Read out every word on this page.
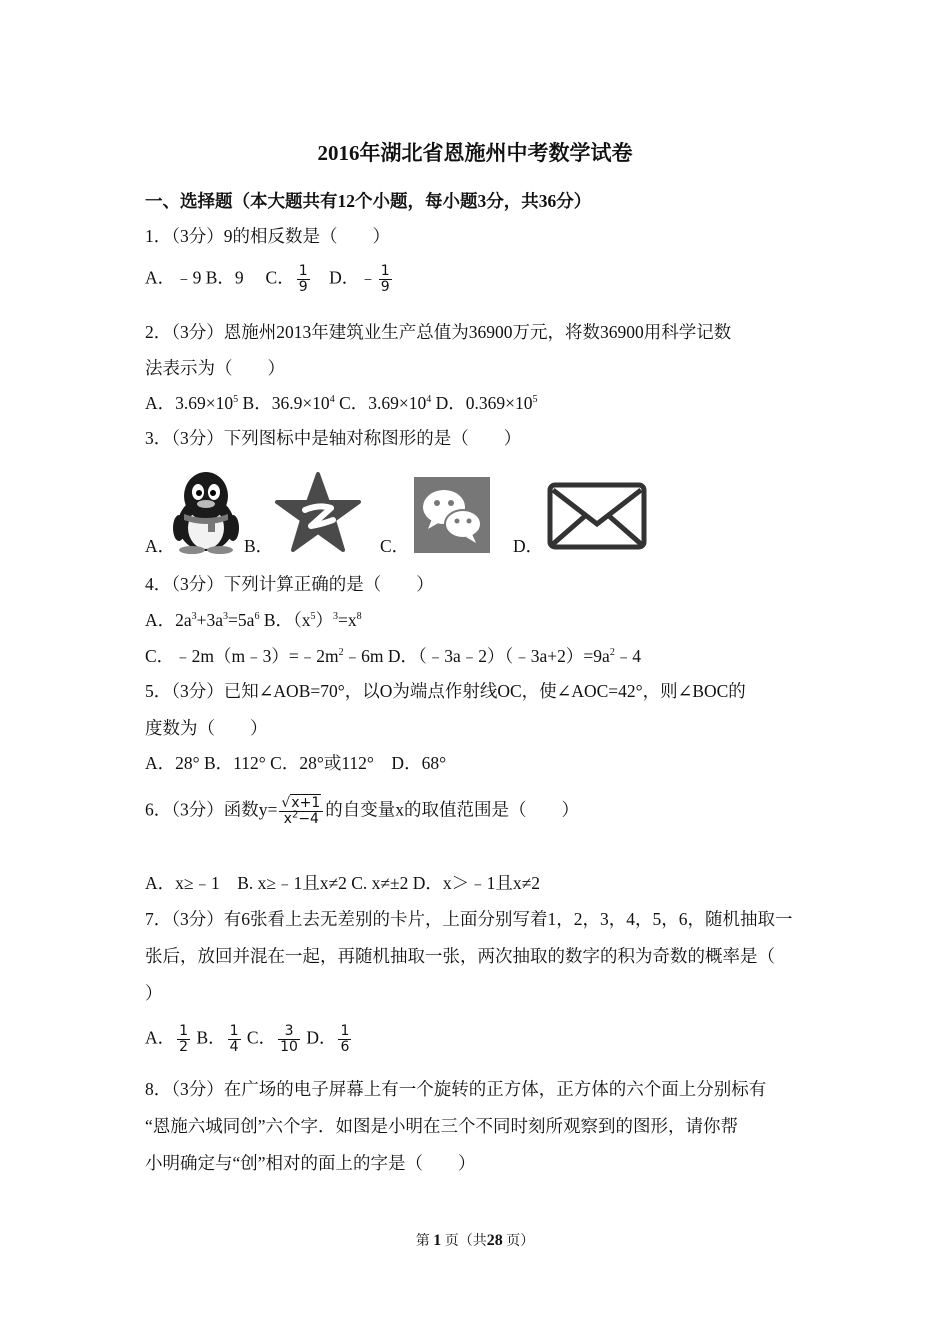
2016年湖北省恩施州中考数学试卷
一、选择题（本大题共有12个小题，每小题3分，共36分）
1．（3分）9的相反数是（　　）
A．﹣9 B．9　 C． $\frac{1}{9}$
　 D．﹣ $\frac{1}{9}$
2．（3分）恩施州2013年建筑业生产总值为36900万元，将数36900用科学记数
法表示为（　　）
A．$3.69\times 10^5$ B．$36.9\times 10^4$ C．$3.69\times 10^4$ D．$0.369\times 10^5$
3．（3分）下列图标中是轴对称图形的是（　　）
A．	B．	C．	D．
4．（3分）下列计算正确的是（　　）
A．$2a^3+3a^3=5a^6$ B．$(x^5)^3=x^8$
C．$﹣2m(m﹣3)=﹣2m^2﹣6m$ D．$(﹣3a﹣2)(﹣3a+2)=9a^2﹣4$
5．（3分）已知∠AOB=70°，以O为端点作射线OC，使∠AOC=42°，则∠BOC的
度数为（　　）
A．28° B．112° C．28°或112°　D．68°
6．（3分）函数$y= \frac{√x+1}{x^2-4}$ 的自变量x的取值范围是（　　）
A．x≥﹣1　B. x≥﹣1且x≠2 C. x≠±2 D．x＞﹣1且x≠2
7．（3分）有6张看上去无差别的卡片，上面分别写着1，2，3，4，5，6，随机抽取一
张后，放回并混在一起，再随机抽取一张，两次抽取的数字的积为奇数的概率是（
）
A． $\frac{1}{2}$ B． $\frac{1}{4}$ C． $\frac{3}{10}$ D． $\frac{1}{6}$
8．（3分）在广场的电子屏幕上有一个旋转的正方体，正方体的六个面上分别标有
“恩施六城同创”六个字．如图是小明在三个不同时刻所观察到的图形，请你帮
小明确定与“创”相对的面上的字是（　　）
第 1 页（共28 页）
